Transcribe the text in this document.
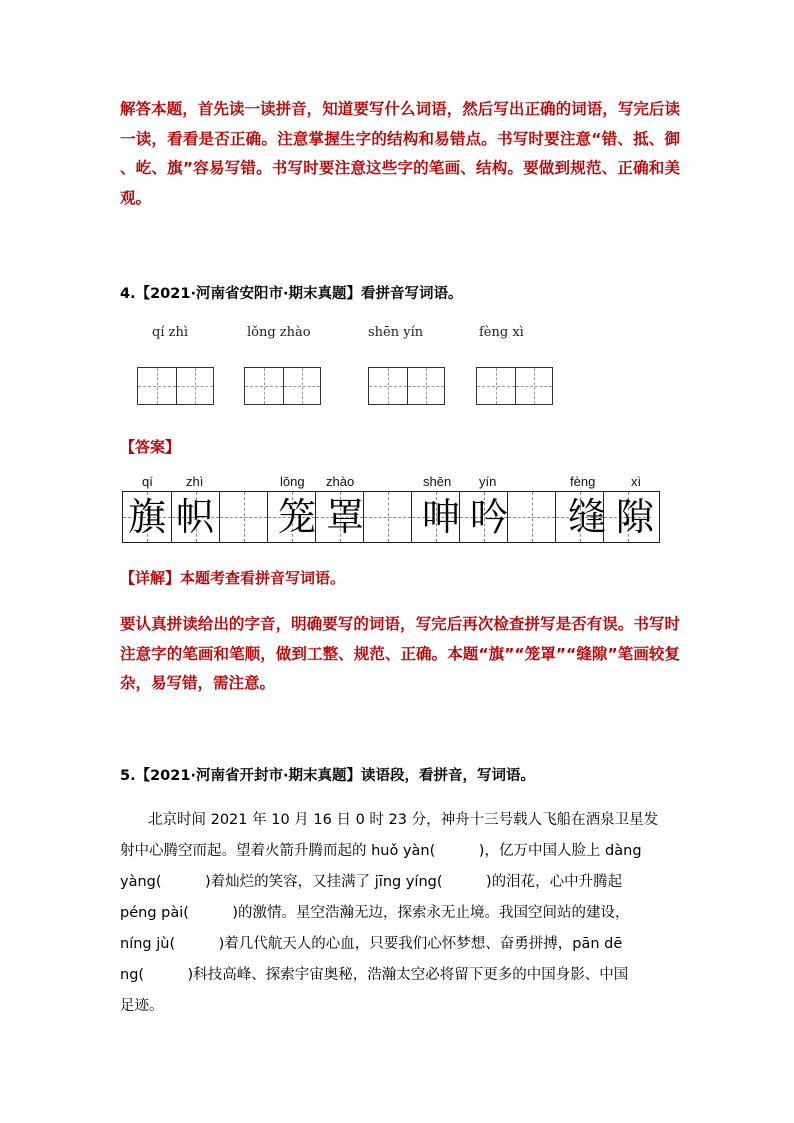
解答本题，首先读一读拼音，知道要写什么词语，然后写出正确的词语，写完后读一读，看看是否正确。注意掌握生字的结构和易错点。书写时要注意“错、抵、御 、屹、旗”容易写错。书写时要注意这些字的笔画、结构。要做到规范、正确和美观。
4.【2021·河南省安阳市·期末真题】看拼音写词语。
qí zhì	lǒng zhào	shēn yín	fèng xì
【答案】
qí	zhì	lǒng zhào	shēn yín	fèng	xì
旗 帜 笼 罩 呻 吟 缝 隙
【详解】本题考查看拼音写词语。
要认真拼读给出的字音，明确要写的词语，写完后再次检查拼写是否有误。书写时注意字的笔画和笔顺，做到工整、规范、正确。本题“旗”“笼罩”“缝隙”笔画较复杂，易写错，需注意。
5.【2021·河南省开封市·期末真题】读语段，看拼音，写词语。
北京时间 2021 年 10 月 16 日 0 时 23 分，神舟十三号载人飞船在酒泉卫星发
射中心腾空而起。望着火箭升腾而起的 huǒ yàn(　　　)，亿万中国人脸上 dàng
yàng(　　　)着灿烂的笑容，又挂满了 jīng yíng(　　　)的泪花，心中升腾起
péng pài(　　　)的激情。星空浩瀚无边，探索永无止境。我国空间站的建设，
níng jù(　　　)着几代航天人的心血，只要我们心怀梦想、奋勇拼搏，pān dē
ng(　　　)科技高峰、探索宇宙奥秘，浩瀚太空必将留下更多的中国身影、中国
足迹。
